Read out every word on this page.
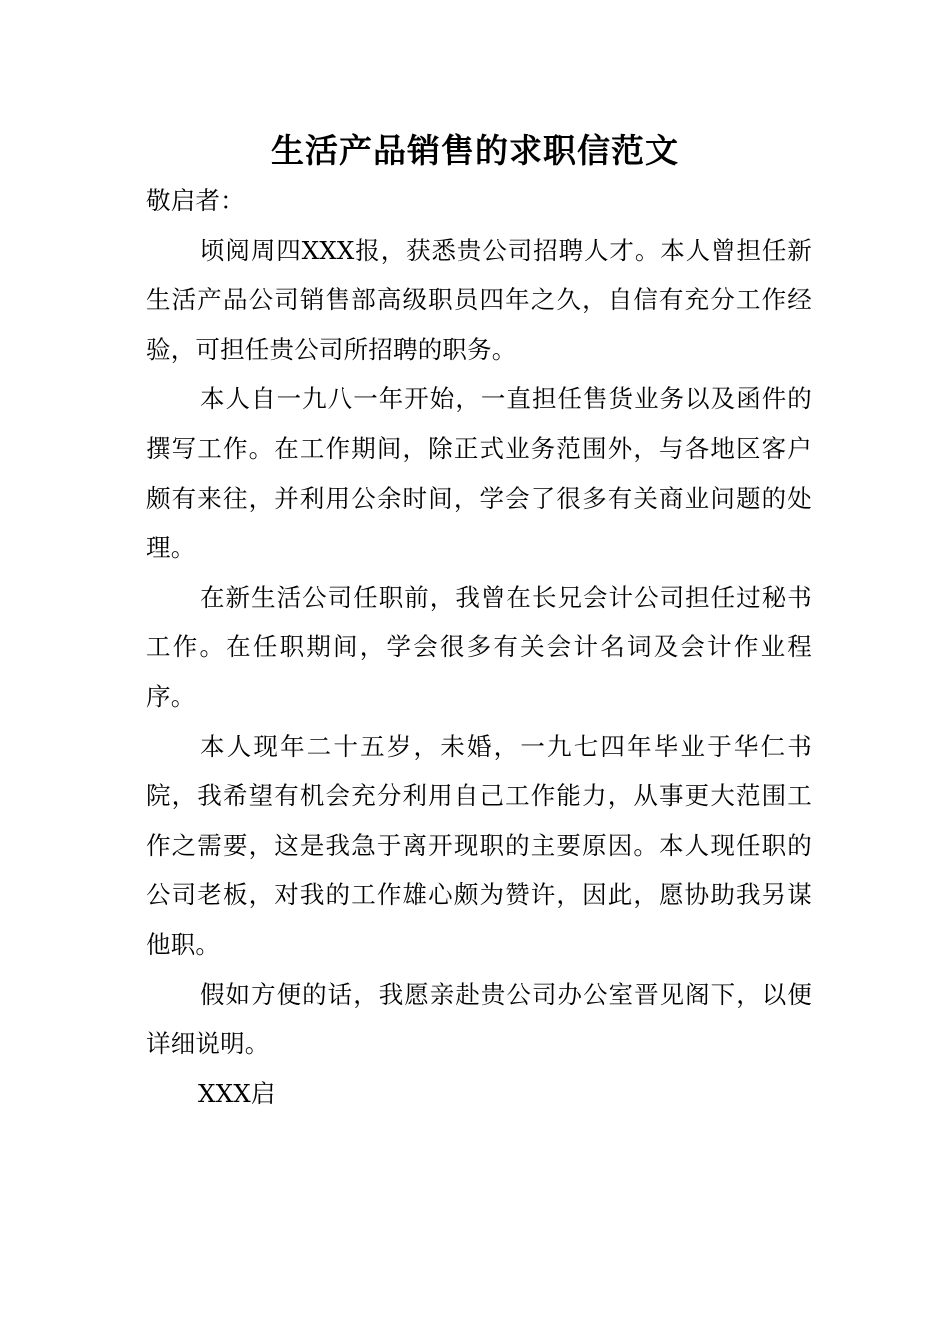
生活产品销售的求职信范文

敬启者：

顷阅周四XXX报，获悉贵公司招聘人才。本人曾担任新生活产品公司销售部高级职员四年之久，自信有充分工作经验，可担任贵公司所招聘的职务。

本人自一九八一年开始，一直担任售货业务以及函件的撰写工作。在工作期间，除正式业务范围外，与各地区客户颇有来往，并利用公余时间，学会了很多有关商业问题的处理。

在新生活公司任职前，我曾在长兄会计公司担任过秘书工作。在任职期间，学会很多有关会计名词及会计作业程序。

本人现年二十五岁，未婚，一九七四年毕业于华仁书院，我希望有机会充分利用自己工作能力，从事更大范围工作之需要，这是我急于离开现职的主要原因。本人现任职的公司老板，对我的工作雄心颇为赞许，因此，愿协助我另谋他职。

假如方便的话，我愿亲赴贵公司办公室晋见阁下，以便详细说明。

XXX启
